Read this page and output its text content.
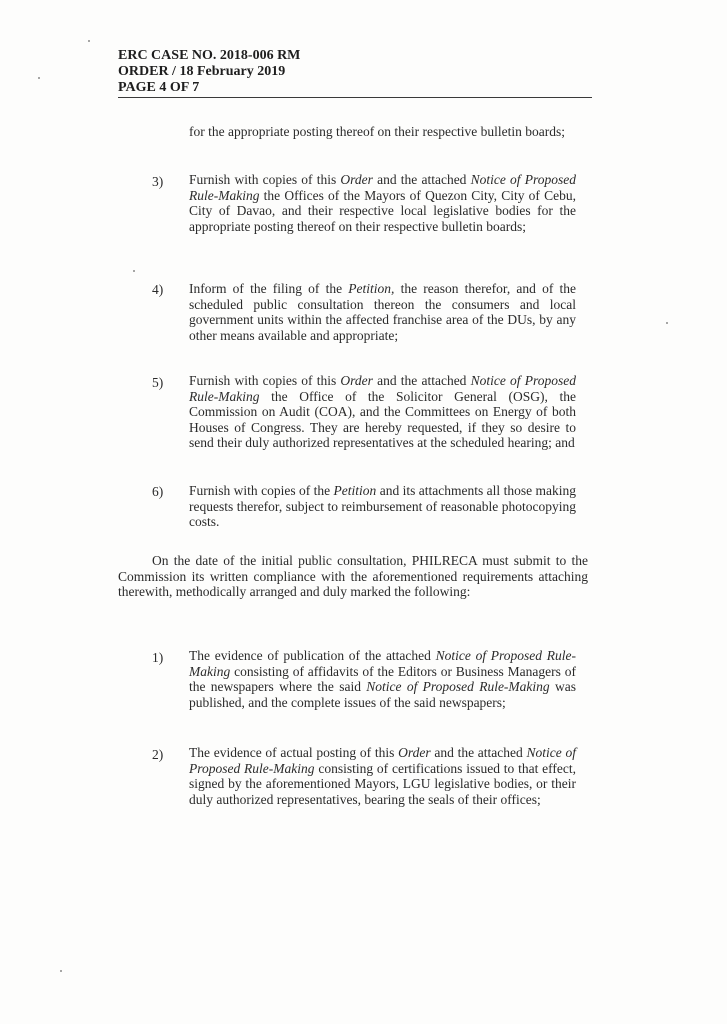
ERC CASE NO. 2018-006 RM
ORDER / 18 February 2019
PAGE 4 OF 7
for the appropriate posting thereof on their respective bulletin boards;
3) Furnish with copies of this Order and the attached Notice of Proposed Rule-Making the Offices of the Mayors of Quezon City, City of Cebu, City of Davao, and their respective local legislative bodies for the appropriate posting thereof on their respective bulletin boards;

4) Inform of the filing of the Petition, the reason therefor, and of the scheduled public consultation thereon the consumers and local government units within the affected franchise area of the DUs, by any other means available and appropriate;

5) Furnish with copies of this Order and the attached Notice of Proposed Rule-Making the Office of the Solicitor General (OSG), the Commission on Audit (COA), and the Committees on Energy of both Houses of Congress. They are hereby requested, if they so desire to send their duly authorized representatives at the scheduled hearing; and

6) Furnish with copies of the Petition and its attachments all those making requests therefor, subject to reimbursement of reasonable photocopying costs.

On the date of the initial public consultation, PHILRECA must submit to the Commission its written compliance with the aforementioned requirements attaching therewith, methodically arranged and duly marked the following:
1) The evidence of publication of the attached Notice of Proposed Rule-Making consisting of affidavits of the Editors or Business Managers of the newspapers where the said Notice of Proposed Rule-Making was published, and the complete issues of the said newspapers;

2) The evidence of actual posting of this Order and the attached Notice of Proposed Rule-Making consisting of certifications issued to that effect, signed by the aforementioned Mayors, LGU legislative bodies, or their duly authorized representatives, bearing the seals of their offices;
